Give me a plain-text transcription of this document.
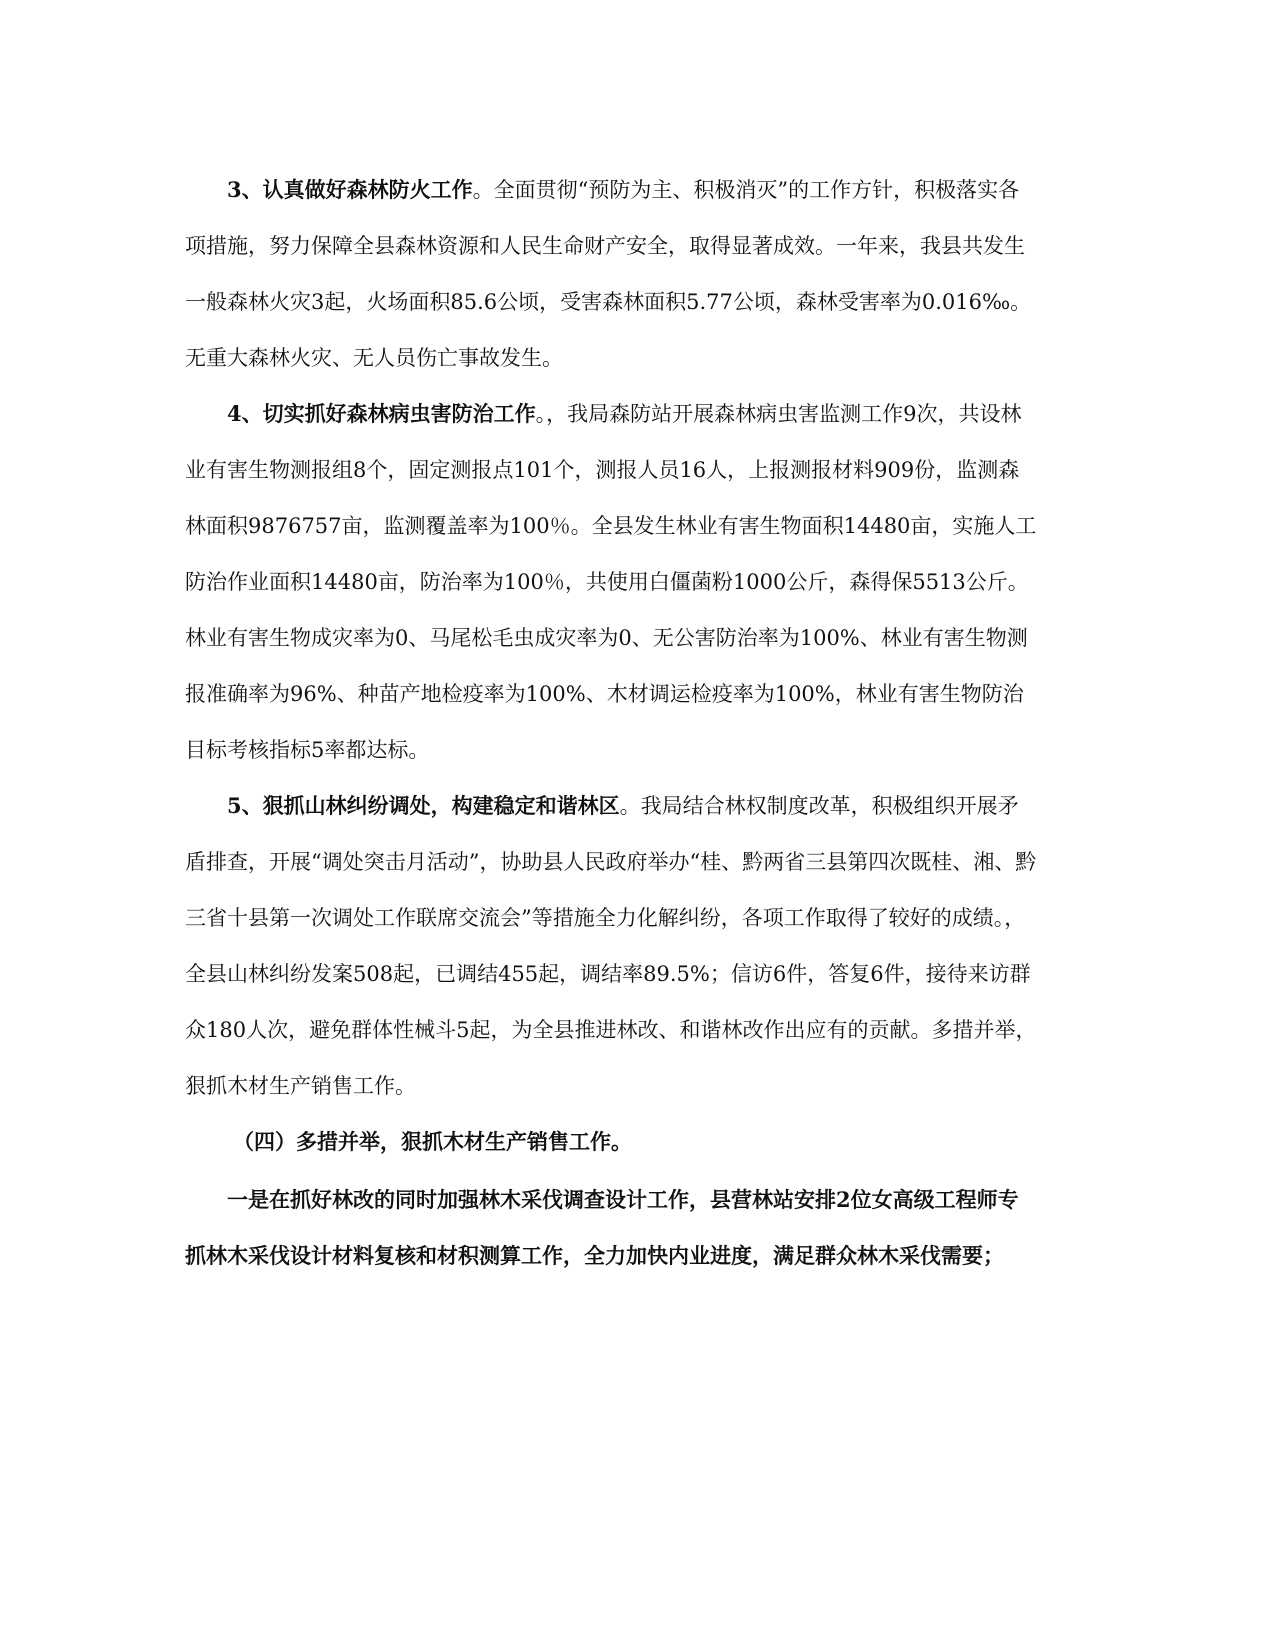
3、认真做好森林防火工作。全面贯彻“预防为主、积极消灭”的工作方针，积极落实各项措施，努力保障全县森林资源和人民生命财产安全，取得显著成效。一年来，我县共发生一般森林火灾3起，火场面积85.6公顷，受害森林面积5.77公顷，森林受害率为0.016‰。无重大森林火灾、无人员伤亡事故发生。

4、切实抓好森林病虫害防治工作。，我局森防站开展森林病虫害监测工作9次，共设林业有害生物测报组8个，固定测报点101个，测报人员16人，上报测报材料909份，监测森林面积9876757亩，监测覆盖率为100％。全县发生林业有害生物面积14480亩，实施人工防治作业面积14480亩，防治率为100％，共使用白僵菌粉1000公斤，森得保5513公斤。林业有害生物成灾率为0、马尾松毛虫成灾率为0、无公害防治率为100%、林业有害生物测报准确率为96%、种苗产地检疫率为100%、木材调运检疫率为100%，林业有害生物防治目标考核指标5率都达标。

5、狠抓山林纠纷调处，构建稳定和谐林区。我局结合林权制度改革，积极组织开展矛盾排查，开展“调处突击月活动”，协助县人民政府举办“桂、黔两省三县第四次既桂、湘、黔三省十县第一次调处工作联席交流会”等措施全力化解纠纷，各项工作取得了较好的成绩。，全县山林纠纷发案508起，已调结455起，调结率89.5%；信访6件，答复6件，接待来访群众180人次，避免群体性械斗5起，为全县推进林改、和谐林改作出应有的贡献。多措并举，狠抓木材生产销售工作。

（四）多措并举，狠抓木材生产销售工作。

一是在抓好林改的同时加强林木采伐调查设计工作，县营林站安排2位女高级工程师专抓林木采伐设计材料复核和材积测算工作，全力加快内业进度，满足群众林木采伐需要；
